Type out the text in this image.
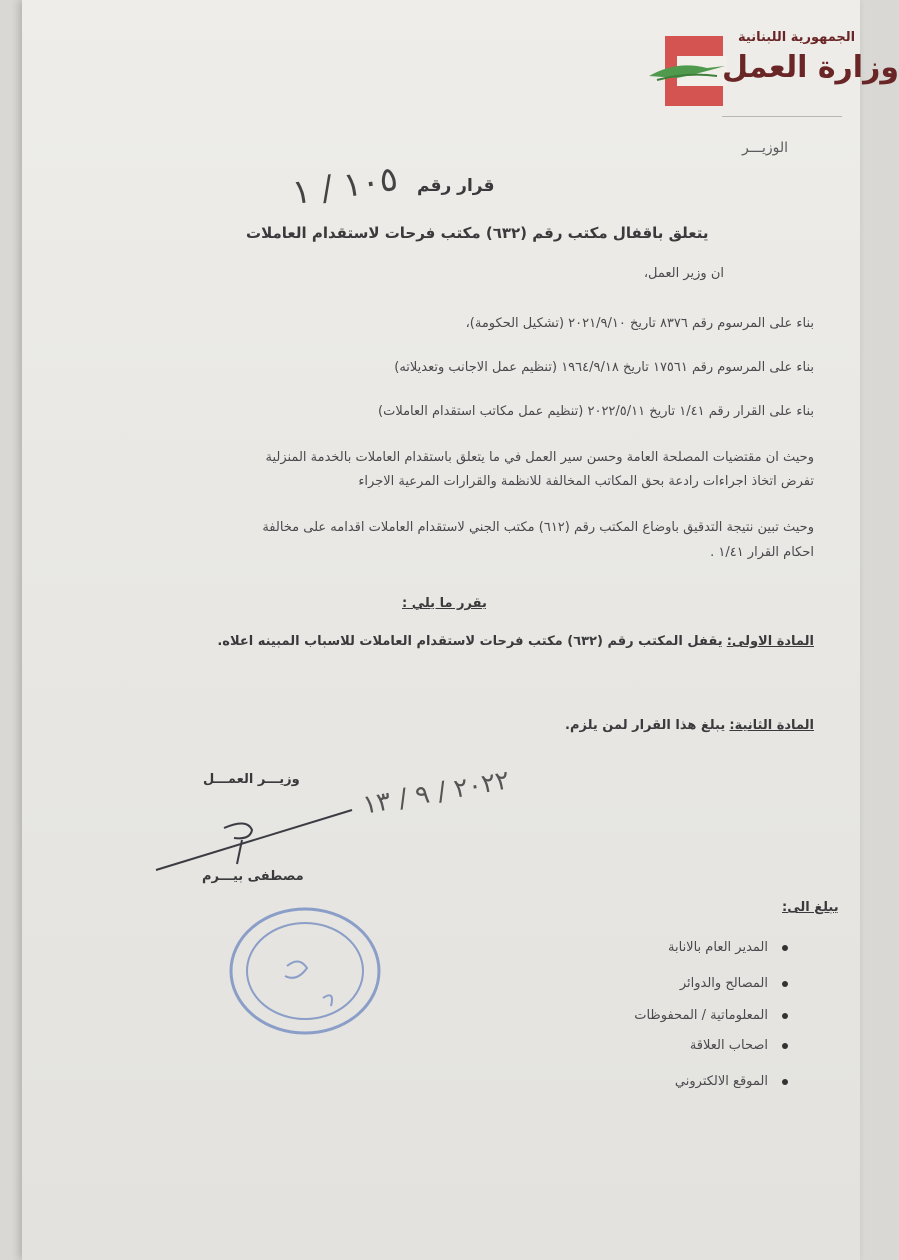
الجمهورية اللبنانية
وزارة العمل
الوزيـــر
قرار رقم
١٠٥ / ١
يتعلق باقفال مكتب رقم (٦٣٢) مكتب فرحات لاستقدام العاملات
ان وزير العمل،
بناء على المرسوم رقم ٨٣٧٦ تاريخ ٢٠٢١/٩/١٠ (تشكيل الحكومة)،
بناء على المرسوم رقم ١٧٥٦١ تاريخ ١٩٦٤/٩/١٨ (تنظيم عمل الاجانب وتعديلاته)
بناء على القرار رقم ١/٤١ تاريخ ٢٠٢٢/٥/١١ (تنظيم عمل مكاتب استقدام العاملات)
وحيث ان مقتضيات المصلحة العامة وحسن سير العمل في ما يتعلق باستقدام العاملات بالخدمة المنزلية
تفرض اتخاذ اجراءات رادعة بحق المكاتب المخالفة للانظمة والقرارات المرعية الاجراء
وحيث تبين نتيجة التدقيق باوضاع المكتب رقم (٦١٢) مكتب الجني لاستقدام العاملات اقدامه على مخالفة
احكام القرار ١/٤١ .
يقرر ما يلي :
المادة الاولى: يقفل المكتب رقم (٦٣٢) مكتب فرحات لاستقدام العاملات للاسباب المبينه اعلاه.
المادة الثانية: يبلغ هذا القرار لمن يلزم.
وزيـــر العمـــل
٢٠٢٢ / ٩ / ١٣
مصطفى بيـــرم
يبلغ الى:
المدير العام بالانابة
المصالح والدوائر
المعلوماتية / المحفوظات
اصحاب العلاقة
الموقع الالكتروني
